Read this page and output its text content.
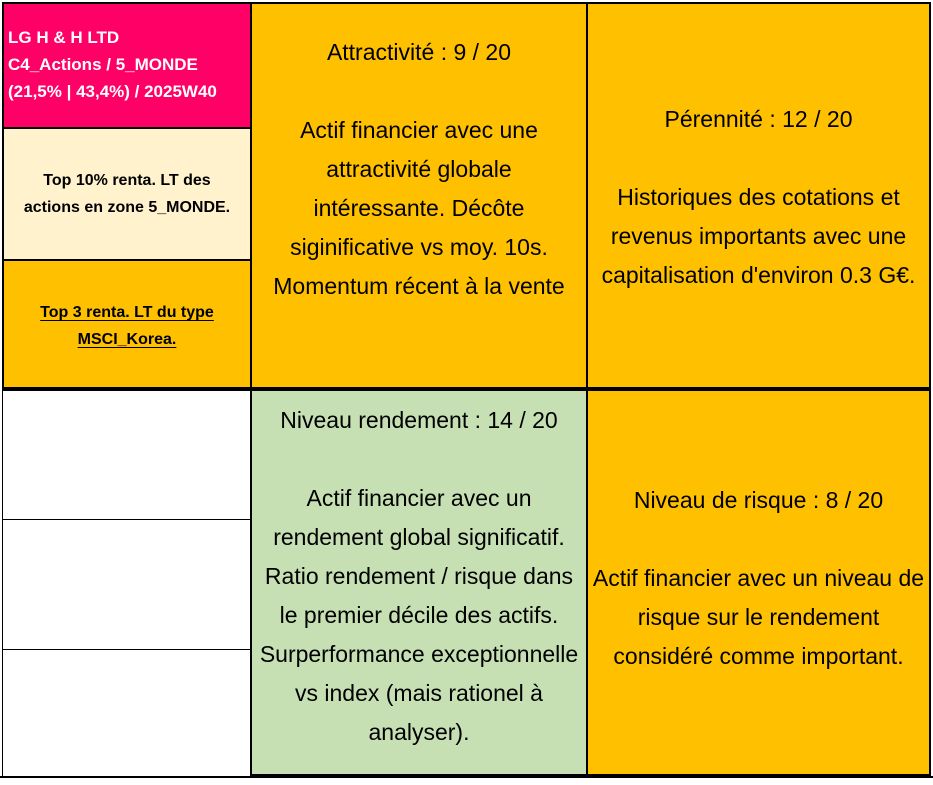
LG H & H LTD
C4_Actions / 5_MONDE
(21,5% | 43,4%) / 2025W40
Top 10% renta. LT des
actions en zone 5_MONDE.
Top 3 renta. LT du type
MSCI_Korea.

Attractivité : 9 / 20

Actif financier avec une

attractivité globale

intéressante. Décôte

siginificative vs moy. 10s.

Momentum récent à la vente

Pérennité : 12 / 20

Historiques des cotations et

revenus importants avec une

capitalisation d'environ 0.3 G€.

Niveau rendement : 14 / 20

Actif financier avec un

rendement global significatif.

Ratio rendement / risque dans

le premier décile des actifs.

Surperformance exceptionnelle

vs index (mais rationel à

analyser).

Niveau de risque : 8 / 20

Actif financier avec un niveau de

risque sur le rendement

considéré comme important.
